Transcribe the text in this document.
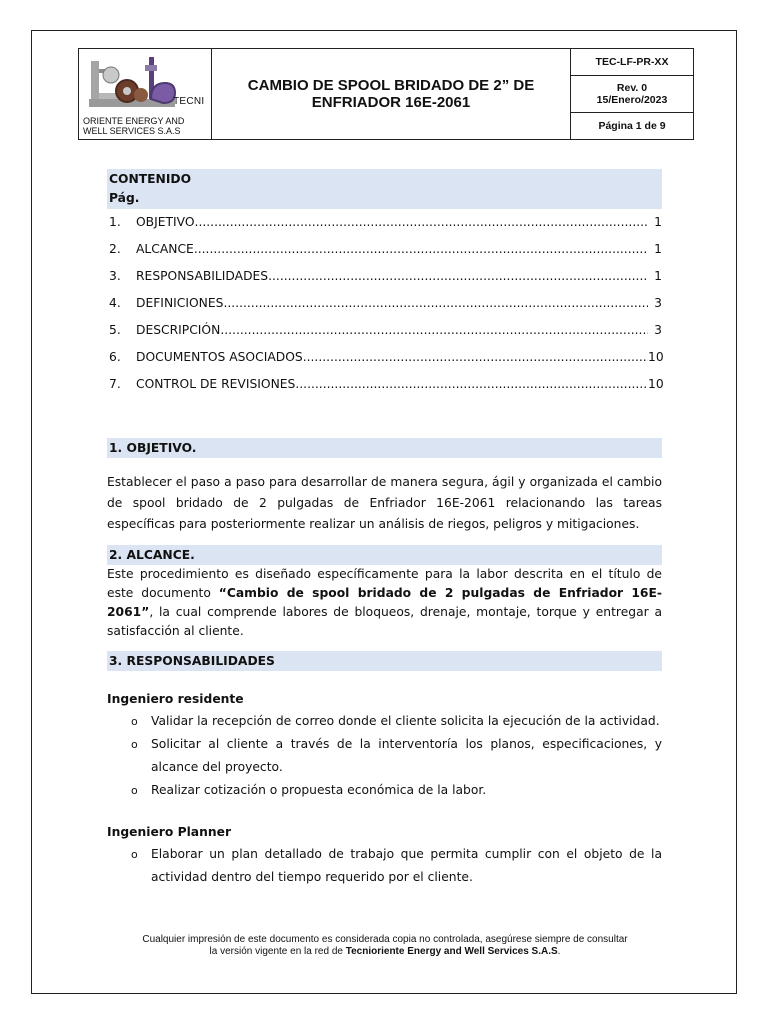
TECNI
ORIENTE ENERGY AND WELL SERVICES S.A.S

CAMBIO DE SPOOL BRIDADO DE 2” DE
ENFRIADOR 16E-2061
	TEC-LF-PR-XX

Rev. 0
15/Enero/2023

Página 1 de 9
CONTENIDO
Pág.
1.	OBJETIVO .....	1
2.	ALCANCE .....	1
3.	RESPONSABILIDADES .....	1
4.	DEFINICIONES .....	3
5.	DESCRIPCIÓN .....	3
6.	DOCUMENTOS ASOCIADOS .....	10
7.	CONTROL DE REVISIONES .....	10
1. OBJETIVO.

Establecer el paso a paso para desarrollar de manera segura, ágil y organizada el cambio de spool bridado de 2 pulgadas de Enfriador 16E-2061 relacionando las tareas específicas para posteriormente realizar un análisis de riegos, peligros y mitigaciones.

2. ALCANCE.

Este procedimiento es diseñado específicamente para la labor descrita en el título de este documento “Cambio de spool bridado de 2 pulgadas de Enfriador 16E-2061”, la cual comprende labores de bloqueos, drenaje, montaje, torque y entregar a satisfacción al cliente.

3. RESPONSABILIDADES
Ingeniero residente
o Validar la recepción de correo donde el cliente solicita la ejecución de la actividad.
o Solicitar al cliente a través de la interventoría los planos, especificaciones, y alcance del proyecto.
o Realizar cotización o propuesta económica de la labor.
Ingeniero Planner
o Elaborar un plan detallado de trabajo que permita cumplir con el objeto de la actividad dentro del tiempo requerido por el cliente.
Cualquier impresión de este documento es considerada copia no controlada, asegúrese siempre de consultar
la versión vigente en la red de Tecnioriente Energy and Well Services S.A.S.
